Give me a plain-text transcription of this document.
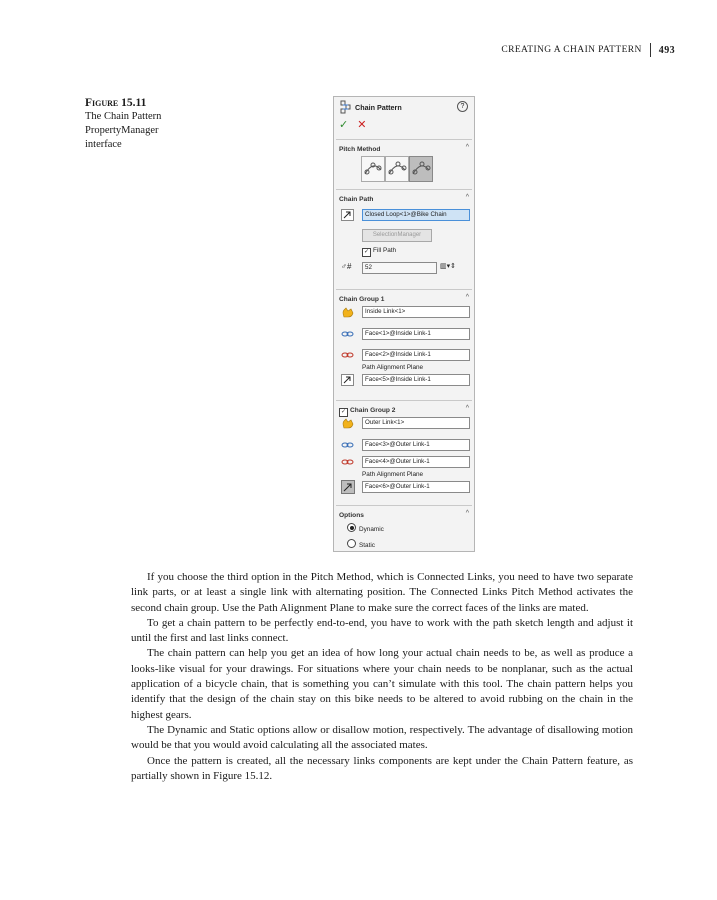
CREATING A CHAIN PATTERN	493
Figure 15.11
The Chain Pattern PropertyManager interface
Chain Pattern	?
✓ ✕
Pitch Method	^
Chain Path	^
Closed Loop<1>@Bike Chain
SelectionManager
✓ Fill Path
♂#	52	▥▾⇕
Chain Group 1	^
Inside Link<1>
Face<1>@Inside Link-1
Face<2>@Inside Link-1
Path Alignment Plane
Face<5>@Inside Link-1
✓ Chain Group 2	^
Outer Link<1>
Face<3>@Outer Link-1
Face<4>@Outer Link-1
Path Alignment Plane
Face<6>@Outer Link-1
Options	^
Dynamic
Static

If you choose the third option in the Pitch Method, which is Connected Links, you need to have two separate link parts, or at least a single link with alternating position. The Connected Links Pitch Method activates the second chain group. Use the Path Alignment Plane to make sure the correct faces of the links are mated.

To get a chain pattern to be perfectly end-to-end, you have to work with the path sketch length and adjust it until the first and last links connect.

The chain pattern can help you get an idea of how long your actual chain needs to be, as well as produce a looks-like visual for your drawings. For situations where your chain needs to be nonplanar, such as the actual application of a bicycle chain, that is something you can’t simulate with this tool. The chain pattern helps you identify that the design of the chain stay on this bike needs to be altered to avoid rubbing on the chain in the highest gears.

The Dynamic and Static options allow or disallow motion, respectively. The advantage of disallowing motion would be that you would avoid calculating all the associated mates.

Once the pattern is created, all the necessary links components are kept under the Chain Pattern feature, as partially shown in Figure 15.12.
